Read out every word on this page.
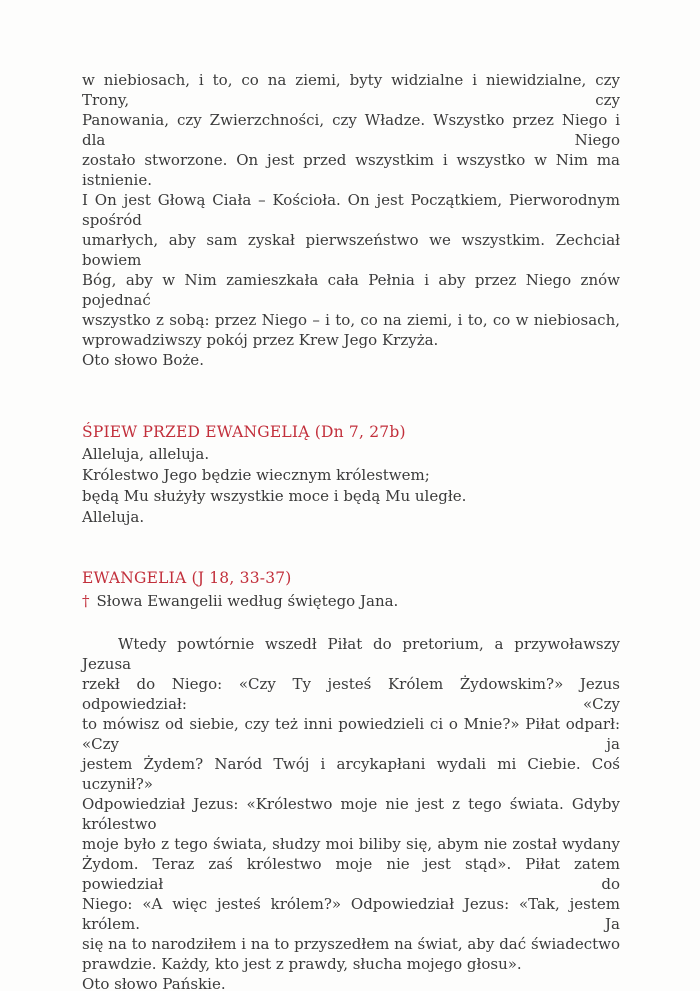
w niebiosach, i to, co na ziemi, byty widzialne i niewidzialne, czy Trony, czy
Panowania, czy Zwierzchności, czy Władze. Wszystko przez Niego i dla Niego
zostało stworzone. On jest przed wszystkim i wszystko w Nim ma istnienie.
I On jest Głową Ciała – Kościoła. On jest Początkiem, Pierworodnym spośród
umarłych, aby sam zyskał pierwszeństwo we wszystkim. Zechciał bowiem
Bóg, aby w Nim zamieszkała cała Pełnia i aby przez Niego znów pojednać
wszystko z sobą: przez Niego – i to, co na ziemi, i to, co w niebiosach,
wprowadziwszy pokój przez Krew Jego Krzyża.

Oto słowo Boże.

ŚPIEW PRZED EWANGELIĄ (Dn 7, 27b)

Alleluja, alleluja.
Królestwo Jego będzie wiecznym królestwem;
będą Mu służyły wszystkie moce i będą Mu uległe.
Alleluja.

EWANGELIA (J 18, 33-37)

† Słowa Ewangelii według świętego Jana.

Wtedy powtórnie wszedł Piłat do pretorium, a przywoławszy Jezusa
rzekł do Niego: «Czy Ty jesteś Królem Żydowskim?» Jezus odpowiedział: «Czy
to mówisz od siebie, czy też inni powiedzieli ci o Mnie?» Piłat odparł: «Czy ja
jestem Żydem? Naród Twój i arcykapłani wydali mi Ciebie. Coś uczynił?»
Odpowiedział Jezus: «Królestwo moje nie jest z tego świata. Gdyby królestwo
moje było z tego świata, słudzy moi biliby się, abym nie został wydany
Żydom. Teraz zaś królestwo moje nie jest stąd». Piłat zatem powiedział do
Niego: «A więc jesteś królem?» Odpowiedział Jezus: «Tak, jestem królem. Ja
się na to narodziłem i na to przyszedłem na świat, aby dać świadectwo
prawdzie. Każdy, kto jest z prawdy, słucha mojego głosu».

Oto słowo Pańskie.
